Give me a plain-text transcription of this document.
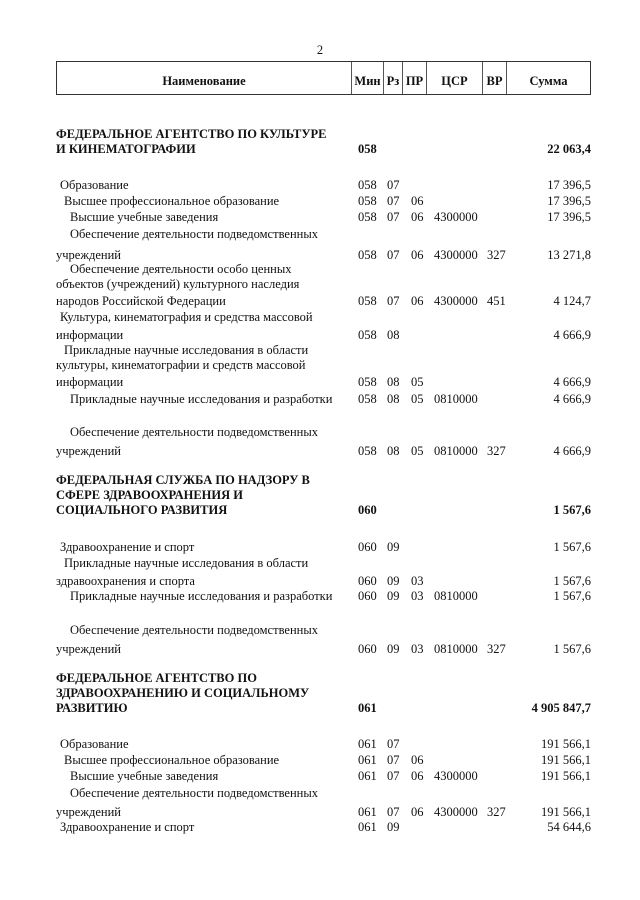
2
Наименование	Мин Рз ПР	ЦСР	ВР	Сумма
ФЕДЕРАЛЬНОЕ АГЕНТСТВО ПО КУЛЬТУРЕ
И КИНЕМАТОГРАФИИ	058	22 063,4
Образование	058 07	17 396,5
Высшее профессиональное образование	058 07 06	17 396,5
Высшие учебные заведения	058 07 06 4300000	17 396,5
Обеспечение деятельности подведомственных
учреждений	058 07 06 4300000 327	13 271,8
Обеспечение деятельности особо ценных
объектов (учреждений) культурного наследия
народов Российской Федерации	058 07 06 4300000 451	4 124,7
Культура, кинематография и средства массовой
информации	058 08	4 666,9
Прикладные научные исследования в области
культуры, кинематографии и средств массовой
информации	058 08 05	4 666,9
Прикладные научные исследования и разработки 058 08 05 0810000	4 666,9
Обеспечение деятельности подведомственных
учреждений	058 08 05 0810000 327	4 666,9
ФЕДЕРАЛЬНАЯ СЛУЖБА ПО НАДЗОРУ В
СФЕРЕ ЗДРАВООХРАНЕНИЯ И
СОЦИАЛЬНОГО РАЗВИТИЯ	060	1 567,6
Здравоохранение и спорт	060 09	1 567,6
Прикладные научные исследования в области
здравоохранения и спорта	060 09 03	1 567,6
Прикладные научные исследования и разработки 060 09 03 0810000	1 567,6
Обеспечение деятельности подведомственных
учреждений	060 09 03 0810000 327	1 567,6
ФЕДЕРАЛЬНОЕ АГЕНТСТВО ПО
ЗДРАВООХРАНЕНИЮ И СОЦИАЛЬНОМУ
РАЗВИТИЮ	061	4 905 847,7
Образование	061 07	191 566,1
Высшее профессиональное образование	061 07 06	191 566,1
Высшие учебные заведения	061 07 06 4300000	191 566,1
Обеспечение деятельности подведомственных
учреждений	061 07 06 4300000 327	191 566,1
Здравоохранение и спорт	061 09	54 644,6
